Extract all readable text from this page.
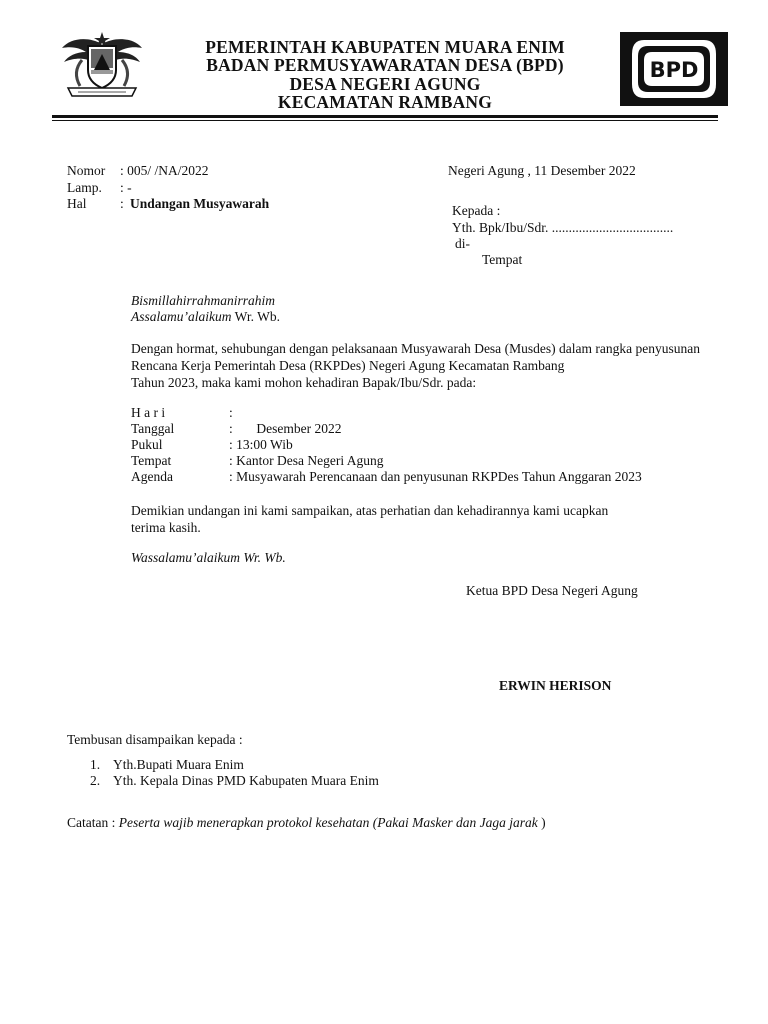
PEMERINTAH KABUPATEN MUARA ENIM
BADAN PERMUSYAWARATAN DESA (BPD)
DESA NEGERI AGUNG
KECAMATAN RAMBANG
BPD
Nomor : 005/ /NA/2022
Lamp. : -
Hal : Undangan Musyawarah
Negeri Agung , 11 Desember 2022
Kepada :
Yth. Bpk/Ibu/Sdr. ....................................
di-
Tempat
Bismillahirrahmanirrahim
Assalamu’alaikum Wr. Wb.
Dengan hormat, sehubungan dengan pelaksanaan Musyawarah Desa (Musdes) dalam rangka penyusunan Rencana Kerja Pemerintah Desa (RKPDes) Negeri Agung Kecamatan Rambang
Tahun 2023, maka kami mohon kehadiran Bapak/Ibu/Sdr. pada:
H a r i	:
Tanggal	:       Desember 2022
Pukul	: 13:00 Wib
Tempat	: Kantor Desa Negeri Agung
Agenda	: Musyawarah Perencanaan dan penyusunan RKPDes Tahun Anggaran 2023
Demikian undangan ini kami sampaikan, atas perhatian dan kehadirannya kami ucapkan
terima kasih.
Wassalamu’alaikum Wr. Wb.
Ketua BPD Desa Negeri Agung
ERWIN HERISON
Tembusan disampaikan kepada :
1. Yth.Bupati Muara Enim
2. Yth. Kepala Dinas PMD Kabupaten Muara Enim
Catatan : Peserta wajib menerapkan protokol kesehatan (Pakai Masker dan Jaga jarak )
